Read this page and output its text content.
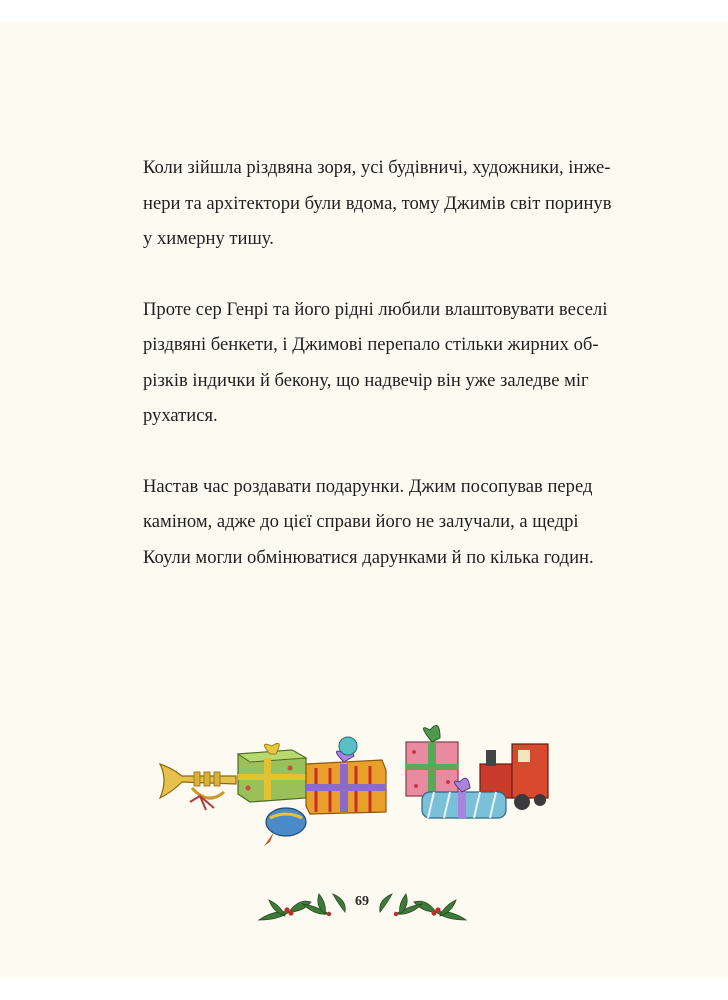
Коли зійшла різдвяна зоря, усі будівничі, художники, інже-
нери та архітектори були вдома, тому Джимів світ поринув
у химерну тишу.

Проте сер Генрі та його рідні любили влаштовувати веселі
різдвяні бенкети, і Джимові перепало стільки жирних об-
різків індички й бекону, що надвечір він уже заледве міг
рухатися.

Настав час роздавати подарунки. Джим посопував перед
каміном, адже до цієї справи його не залучали, а щедрі
Коули могли обмінюватися дарунками й по кілька годин.

69
